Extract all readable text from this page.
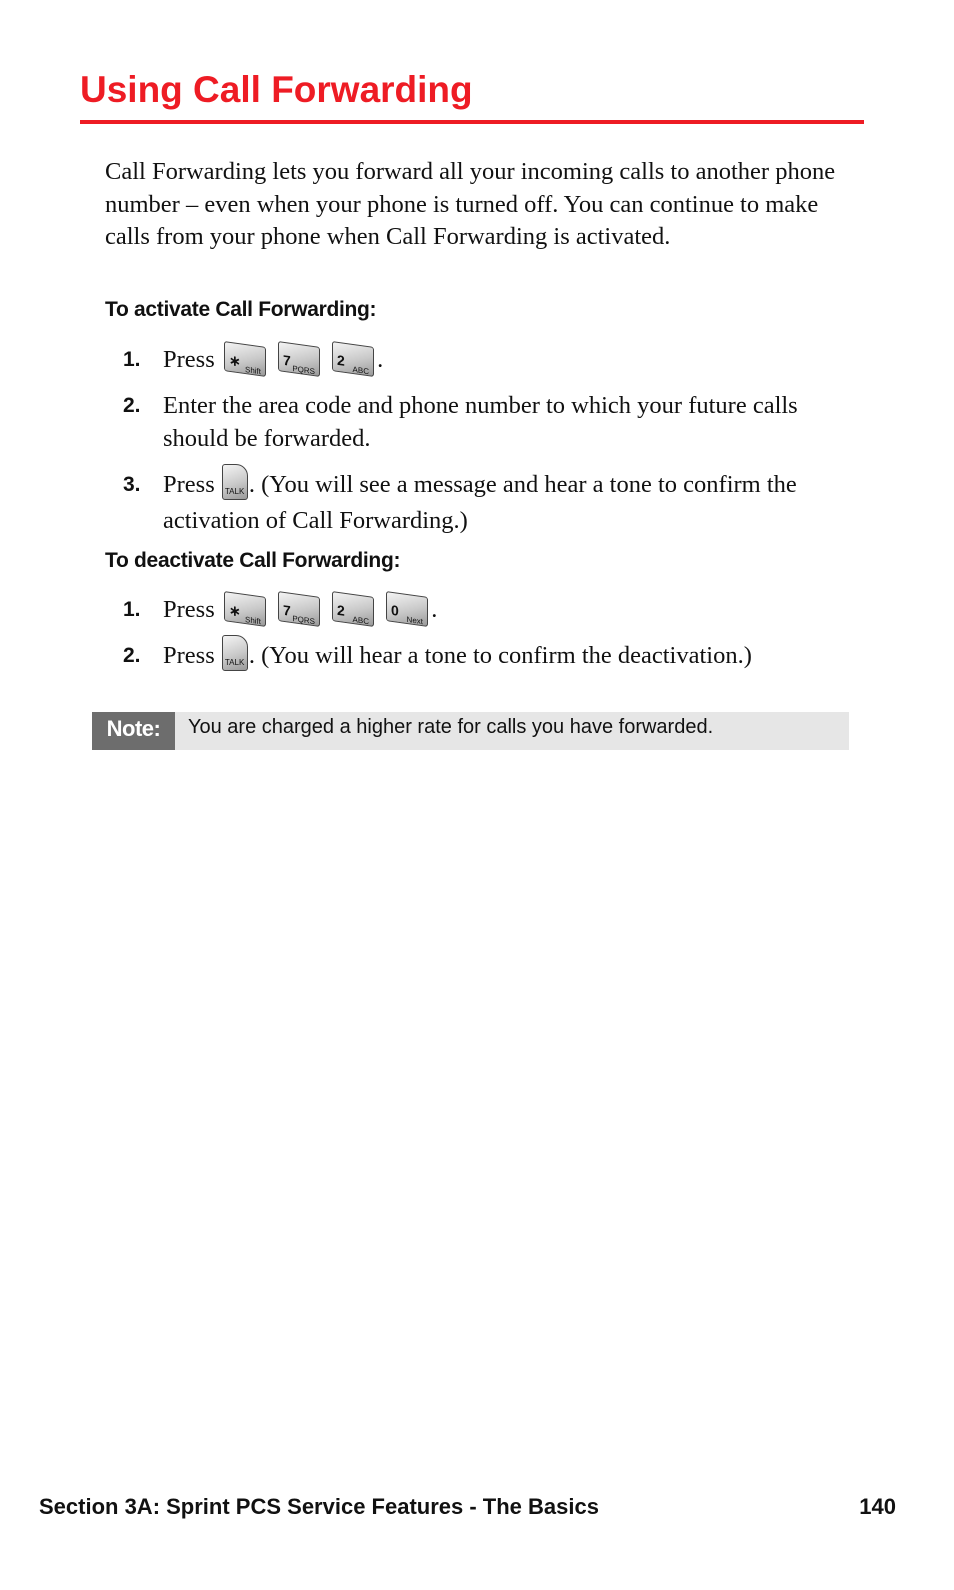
Using Call Forwarding

Call Forwarding lets you forward all your incoming calls to another phone number – even when your phone is turned off. You can continue to make calls from your phone when Call Forwarding is activated.

To activate Call Forwarding:
1. Press ∗
Shift

7
PQRS

2
ABC .
2. Enter the area code and phone number to which your future calls should be forwarded.
3. Press TALK . (You will see a message and hear a tone to confirm the activation of Call Forwarding.)
To deactivate Call Forwarding:
1. Press ∗
Shift

7
PQRS

2
ABC

0
Next .
2. Press TALK . (You will hear a tone to confirm the deactivation.)
Note:	You are charged a higher rate for calls you have forwarded.
Section 3A: Sprint PCS Service Features - The Basics	140
